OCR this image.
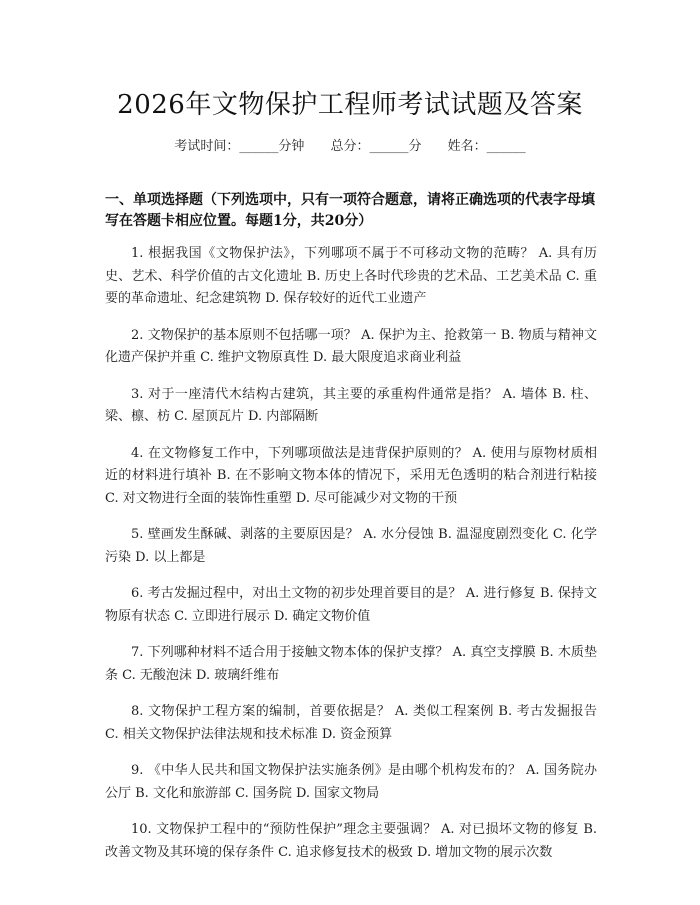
2026年文物保护工程师考试试题及答案
考试时间：______分钟 总分：______分 姓名：______
一、单项选择题（下列选项中，只有一项符合题意，请将正确选项的代表字母填写在答题卡相应位置。每题1分，共20分）

1. 根据我国《文物保护法》，下列哪项不属于不可移动文物的范畴？ A. 具有历史、艺术、科学价值的古文化遗址 B. 历史上各时代珍贵的艺术品、工艺美术品 C. 重要的革命遗址、纪念建筑物 D. 保存较好的近代工业遗产

2. 文物保护的基本原则不包括哪一项？ A. 保护为主、抢救第一 B. 物质与精神文化遗产保护并重 C. 维护文物原真性 D. 最大限度追求商业利益

3. 对于一座清代木结构古建筑，其主要的承重构件通常是指？ A. 墙体 B. 柱、梁、檩、枋 C. 屋顶瓦片 D. 内部隔断

4. 在文物修复工作中，下列哪项做法是违背保护原则的？ A. 使用与原物材质相近的材料进行填补 B. 在不影响文物本体的情况下，采用无色透明的粘合剂进行粘接 C. 对文物进行全面的装饰性重塑 D. 尽可能减少对文物的干预

5. 壁画发生酥碱、剥落的主要原因是？ A. 水分侵蚀 B. 温湿度剧烈变化 C. 化学污染 D. 以上都是

6. 考古发掘过程中，对出土文物的初步处理首要目的是？ A. 进行修复 B. 保持文物原有状态 C. 立即进行展示 D. 确定文物价值

7. 下列哪种材料不适合用于接触文物本体的保护支撑？ A. 真空支撑膜 B. 木质垫条 C. 无酸泡沫 D. 玻璃纤维布

8. 文物保护工程方案的编制，首要依据是？ A. 类似工程案例 B. 考古发掘报告 C. 相关文物保护法律法规和技术标准 D. 资金预算

9. 《中华人民共和国文物保护法实施条例》是由哪个机构发布的？ A. 国务院办公厅 B. 文化和旅游部 C. 国务院 D. 国家文物局

10. 文物保护工程中的“预防性保护”理念主要强调？ A. 对已损坏文物的修复 B. 改善文物及其环境的保存条件 C. 追求修复技术的极致 D. 增加文物的展示次数
